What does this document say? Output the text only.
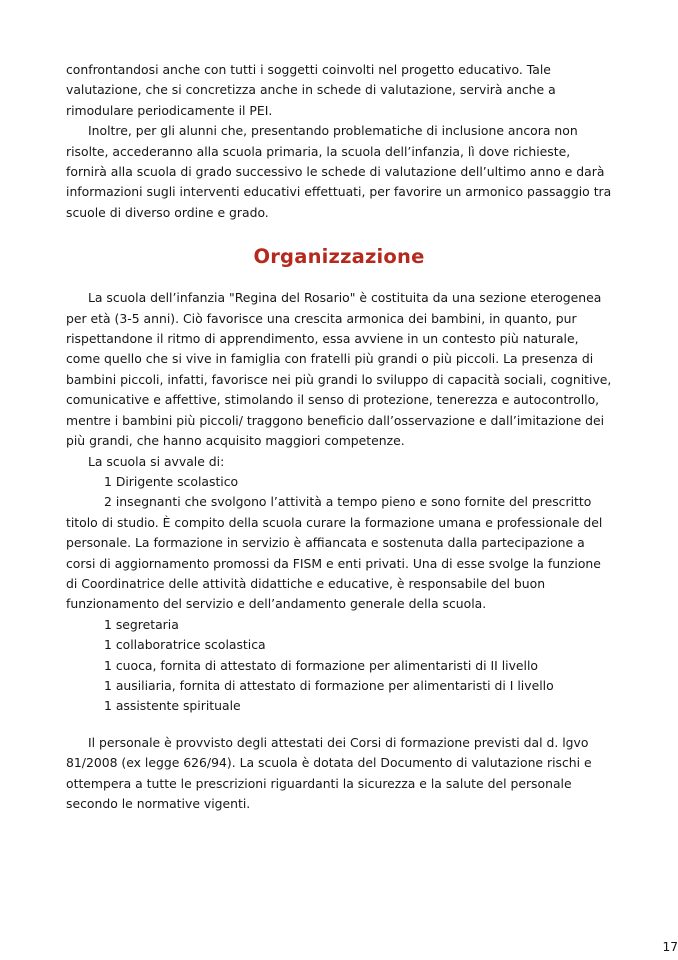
confrontandosi anche con tutti i soggetti coinvolti nel progetto educativo. Tale valutazione, che si concretizza anche in schede di valutazione, servirà anche a rimodulare periodicamente il PEI.

Inoltre, per gli alunni che, presentando problematiche di inclusione ancora non risolte, accederanno alla scuola primaria, la scuola dell’infanzia, lì dove richieste, fornirà alla scuola di grado successivo le schede di valutazione dell’ultimo anno e darà informazioni sugli interventi educativi effettuati, per favorire un armonico passaggio tra scuole di diverso ordine e grado.

Organizzazione

La scuola dell’infanzia "Regina del Rosario" è costituita da una sezione eterogenea per età (3-5 anni). Ciò favorisce una crescita armonica dei bambini, in quanto, pur rispettandone il ritmo di apprendimento, essa avviene in un contesto più naturale, come quello che si vive in famiglia con fratelli più grandi o più piccoli. La presenza di bambini piccoli, infatti, favorisce nei più grandi lo sviluppo di capacità sociali, cognitive, comunicative e affettive, stimolando il senso di protezione, tenerezza e autocontrollo, mentre i bambini più piccoli/ traggono beneficio dall’osservazione e dall’imitazione dei più grandi, che hanno acquisito maggiori competenze.

La scuola si avvale di:

1 Dirigente scolastico

2 insegnanti che svolgono l’attività a tempo pieno e sono fornite del prescritto titolo di studio. È compito della scuola curare la formazione umana e professionale del personale. La formazione in servizio è affiancata e sostenuta dalla partecipazione a corsi di aggiornamento promossi da FISM e enti privati. Una di esse svolge la funzione di Coordinatrice delle attività didattiche e educative, è responsabile del buon funzionamento del servizio e dell’andamento generale della scuola.

1 segretaria
1 collaboratrice scolastica
1 cuoca, fornita di attestato di formazione per alimentaristi di II livello
1 ausiliaria, fornita di attestato di formazione per alimentaristi di I livello
1 assistente spirituale

Il personale è provvisto degli attestati dei Corsi di formazione previsti dal d. lgvo 81/2008 (ex legge 626/94). La scuola è dotata del Documento di valutazione rischi e ottempera a tutte le prescrizioni riguardanti la sicurezza e la salute del personale secondo le normative vigenti.

17
